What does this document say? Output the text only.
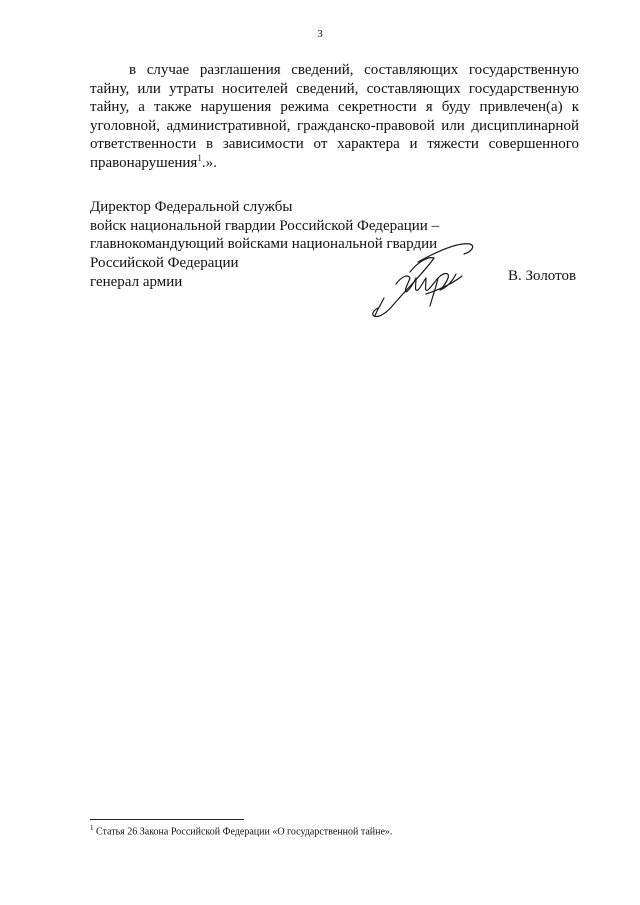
3

в случае разглашения сведений, составляющих государственную тайну, или утраты носителей сведений, составляющих государственную тайну, а также нарушения режима секретности я буду привлечен(а) к уголовной, административной, гражданско-правовой или дисциплинарной ответственности в зависимости от характера и тяжести совершенного правонарушения$^1$.».

Директор Федеральной службы
войск национальной гвардии Российской Федерации –
главнокомандующий войсками национальной гвардии
Российской Федерации
генерал армии	В. Золотов
$^1$ Статья 26 Закона Российской Федерации «О государственной тайне».
